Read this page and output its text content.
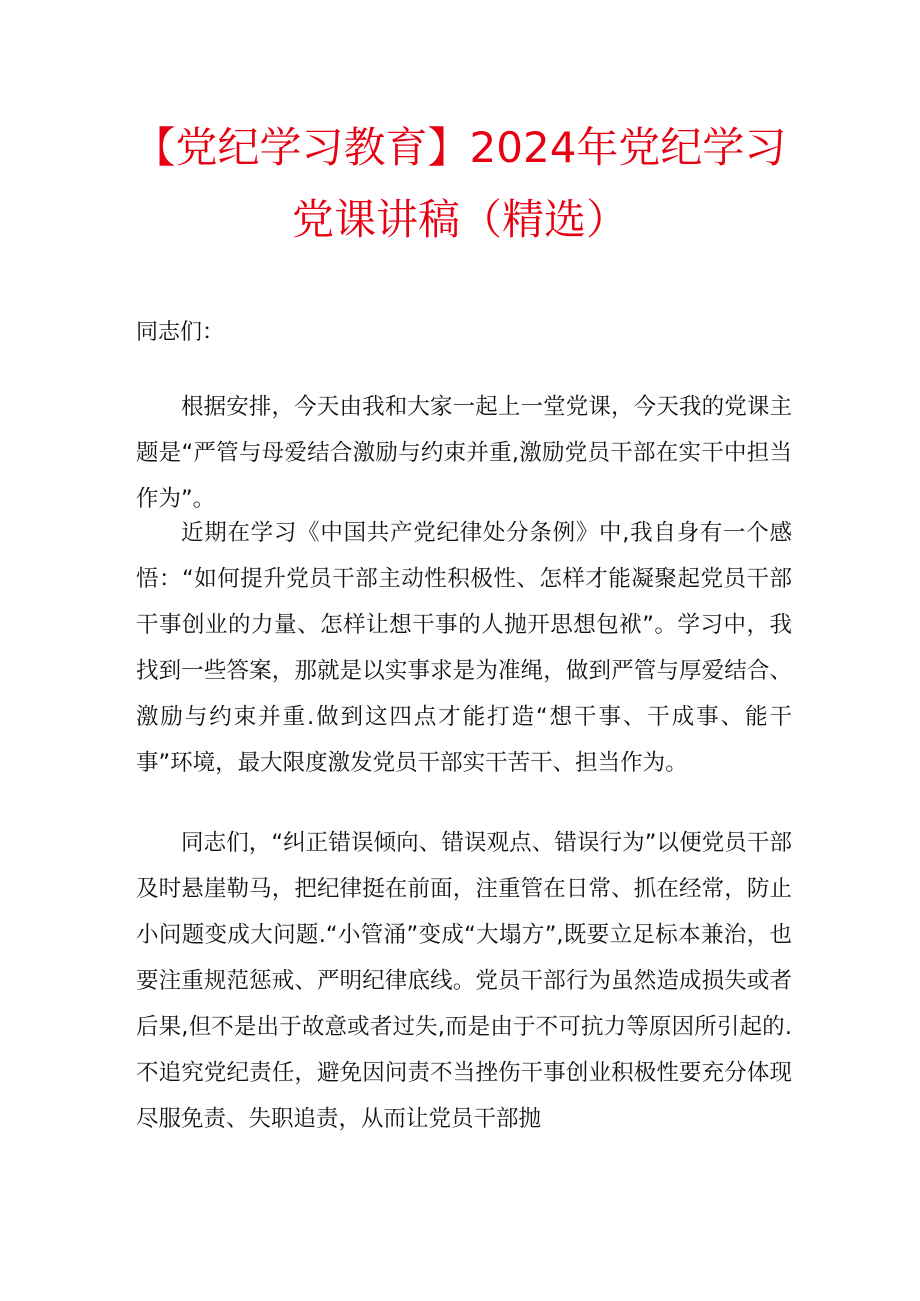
【党纪学习教育】2024年党纪学习
党课讲稿（精选）

同志们：

根据安排，今天由我和大家一起上一堂党课，今天我的党课主题是“严管与母爱结合激励与约束并重,激励党员干部在实干中担当作为”。

近期在学习《中国共产党纪律处分条例》中,我自身有一个感悟：“如何提升党员干部主动性积极性、怎样才能凝聚起党员干部干事创业的力量、怎样让想干事的人抛开思想包袱”。学习中，我找到一些答案，那就是以实事求是为准绳，做到严管与厚爱结合、激励与约束并重.做到这四点才能打造“想干事、干成事、能干事”环境，最大限度激发党员干部实干苦干、担当作为。

同志们，“纠正错误倾向、错误观点、错误行为”以便党员干部及时悬崖勒马，把纪律挺在前面，注重管在日常、抓在经常，防止小问题变成大问题.“小管涌”变成“大塌方”,既要立足标本兼治，也要注重规范惩戒、严明纪律底线。党员干部行为虽然造成损失或者后果,但不是出于故意或者过失,而是由于不可抗力等原因所引起的.不追究党纪责任，避免因问责不当挫伤干事创业积极性要充分体现尽服免责、失职追责，从而让党员干部抛
